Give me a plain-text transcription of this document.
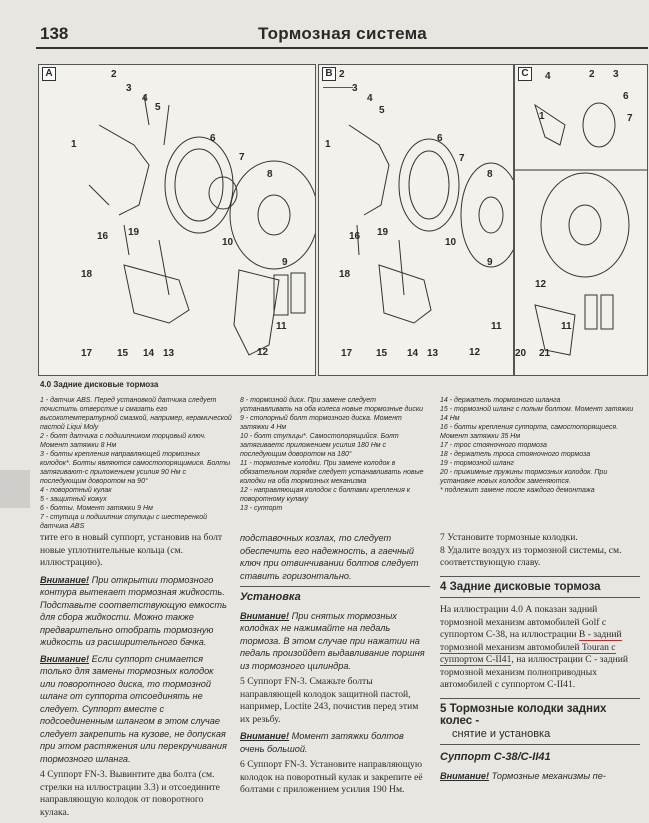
138	Тормозная система
A	2
3
4
5
1
6
7
8
16 19
9
10
18
11
17 15 14 13	12
B 2
3
4
5
1
6
7
8
16 19
9
10
18
11
17 15 14 13	12
C	4
1
2 3
6
7
12
11
20 21
4.0 Задние дисковые тормоза
1 - датчик ABS. Перед установкой датчика следует почистить отверстие и смазать его высокотемпературной смазкой, например, керамической пастой Liqui Moly
2 - болт датчика с подшипником торцовый ключ. Момент затяжки 8 Нм
3 - болты крепления направляющей тормозных колодок*. Болты являются самостопорящимися. Болты затягивают-с приложением усилия 90 Нм с последующим доворотом на 90°
4 - поворотный кулак
5 - защитный кожух
6 - болты. Момент затяжки 9 Нм
7 - ступица и подшипник ступицы с шестеренкой датчика ABS
8 - тормозной диск. При замене следует устанавливать на оба колеса новые тормозные диски
9 - стопорный болт тормозного диска. Момент затяжки 4 Нм
10 - болт ступицы*. Самостопорящийся. Болт затягиваетс приложением усилия 180 Нм с последующим доворотом на 180°
11 - тормозные колодки. При замене колодок в обязательном порядке следует устанавливать новые колодки на оба тормозных механизма
12 - направляющая колодок с болтами крепления к поворотному кулаку
13 - суппорт
14 - держатель тормозного шланга
15 - тормозной шланг с полым болтом. Момент затяжки 14 Нм
16 - болты крепления суппорта, самостопорящиеся. Момент затяжки 35 Нм
17 - трос стояночного тормоза
18 - держатель троса стояночного тормоза
19 - тормозной шланг
20 - прижимные пружины тормозных колодок. При установке новых колодок заменяются.
* подлежит замене после каждого демонтажа

тите его в новый суппорт, установив на болт новые уплотнительные кольца (см. иллюстрацию).

Внимание! При открытии тормозного контура вытекает тормозная жидкость. Подставьте соответствующую емкость для сбора жидкости. Можно также предварительно отобрать тормозную жидкость из расширительного бачка.

Внимание! Если суппорт снимается только для замены тормозных колодок или поворотного диска, то тормозной шланг от суппорта отсоединять не следует. Суппорт вместе с подсоединенным шлангом в этом случае следует закрепить на кузове, не допуская при этом растяжения или перекручивания тормозного шланга.

4 Суппорт FN-3. Вывинтите два болта (см. стрелки на иллюстрации 3.3) и отсоедините направляющую колодок от поворотного кулака.

подставочных козлах, то следует обеспечить его надежность, а гаечный ключ при отвинчивании болтов следует ставить горизонтально.

Установка

Внимание! При снятых тормозных колодках не нажимайте на педаль тормоза. В этом случае при нажатии на педаль произойдет выдавливание поршня из тормозного цилиндра.

5 Суппорт FN-3. Смажьте болты направляющей колодок защитной пастой, например, Loctite 243, почистив перед этим их резьбу.

Внимание! Момент затяжки болтов очень большой.

6 Суппорт FN-3. Установите направляющую колодок на поворотный кулак и закрепите её болтами с приложением усилия 190 Нм.

7 Установите тормозные колодки.

8 Удалите воздух из тормозной системы, см. соответствующую главу.

4 Задние дисковые тормоза

На иллюстрации 4.0 А показан задний тормозной механизм автомобилей Golf с суппортом C-38, на иллюстрации В - задний тормозной механизм автомобилей Touran с суппортом C-II41, на иллюстрации С - задний тормозной механизм полноприводных автомобилей с суппортом C-II41.

5 Тормозные колодки задних колес -

снятие и установка

Суппорт C-38/C-II41

Внимание! Тормозные механизмы пе-
